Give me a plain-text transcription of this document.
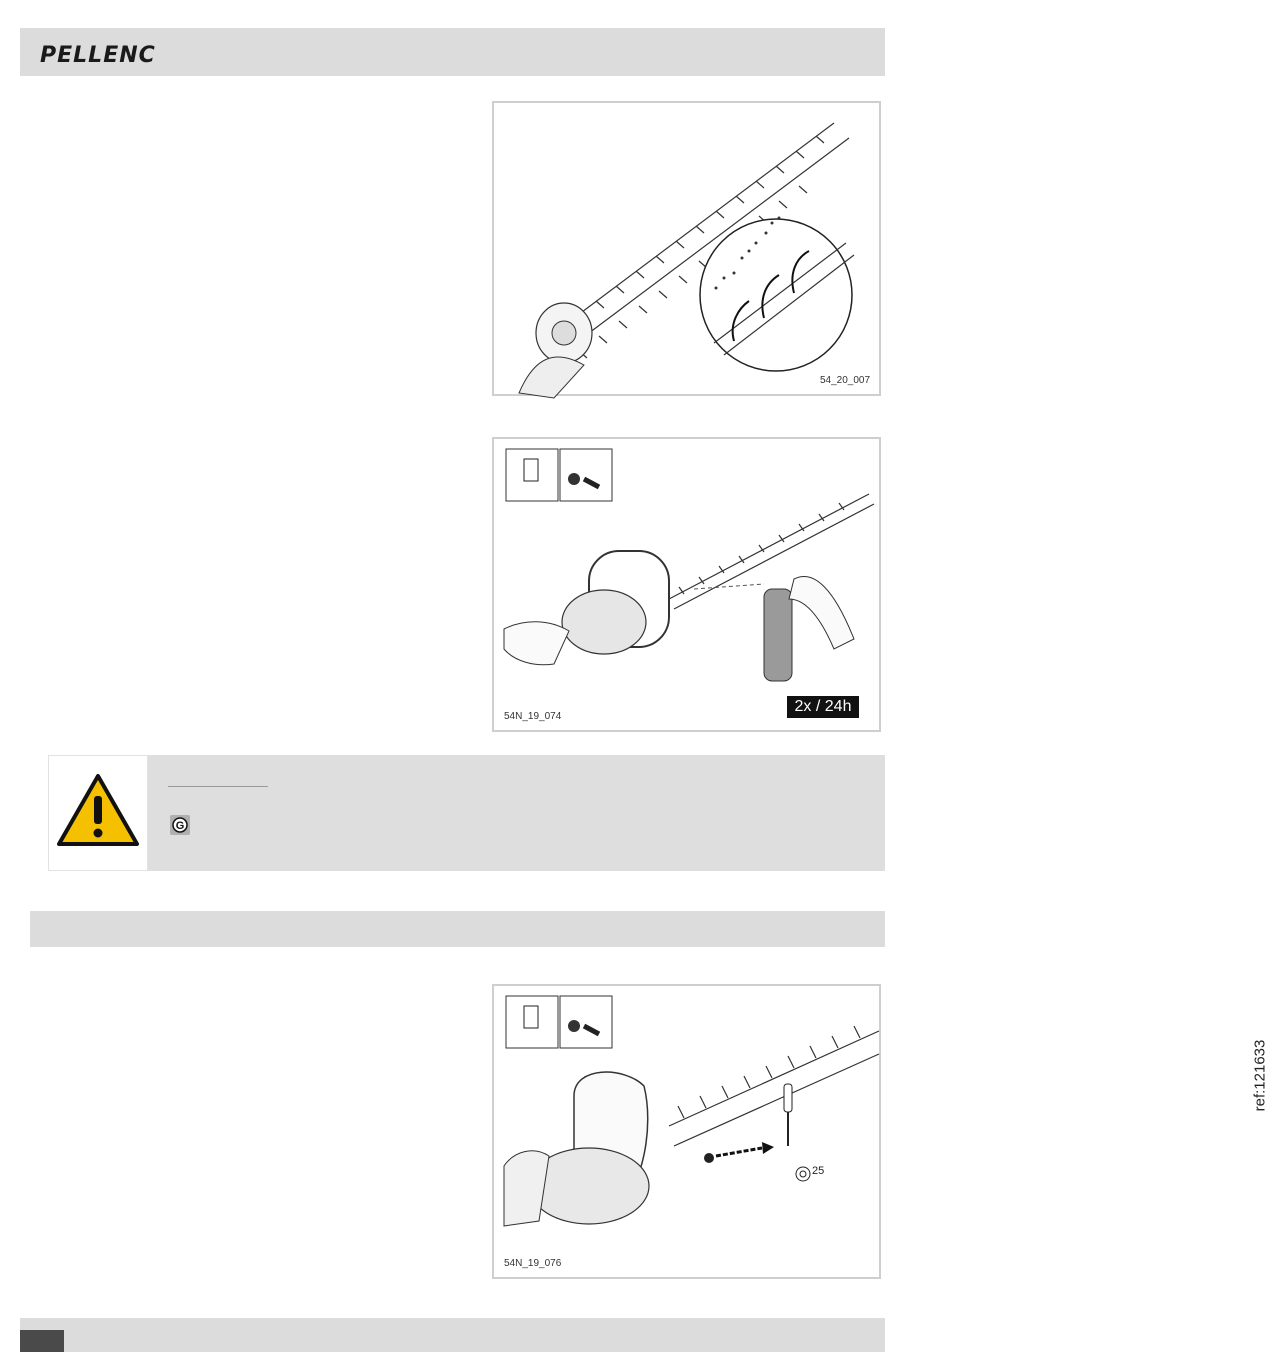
PELLENC
54_20_007
ref:121633
54N_19_074
2x / 24h
G
54N_19_076
25
